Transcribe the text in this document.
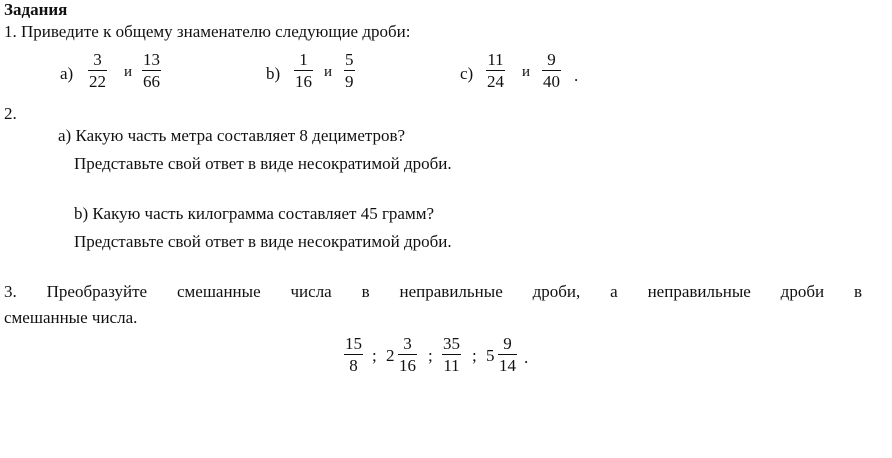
Задания
1. Приведите к общему знаменателю следующие дроби:
a)
3
22 и
13
66	b)
1
16 и
5
9	c)
11
24 и
9
40 .
2.
a) Какую часть метра составляет 8 дециметров?
Представьте свой ответ в виде несократимой дроби.
b) Какую часть килограмма составляет 45 грамм?
Представьте свой ответ в виде несократимой дроби.
3. Преобразуйте смешанные числа в неправильные дроби, а неправильные дроби в
смешанные числа.
15
8
; 2
3
16
;
35
11
; 5
9
14 .
